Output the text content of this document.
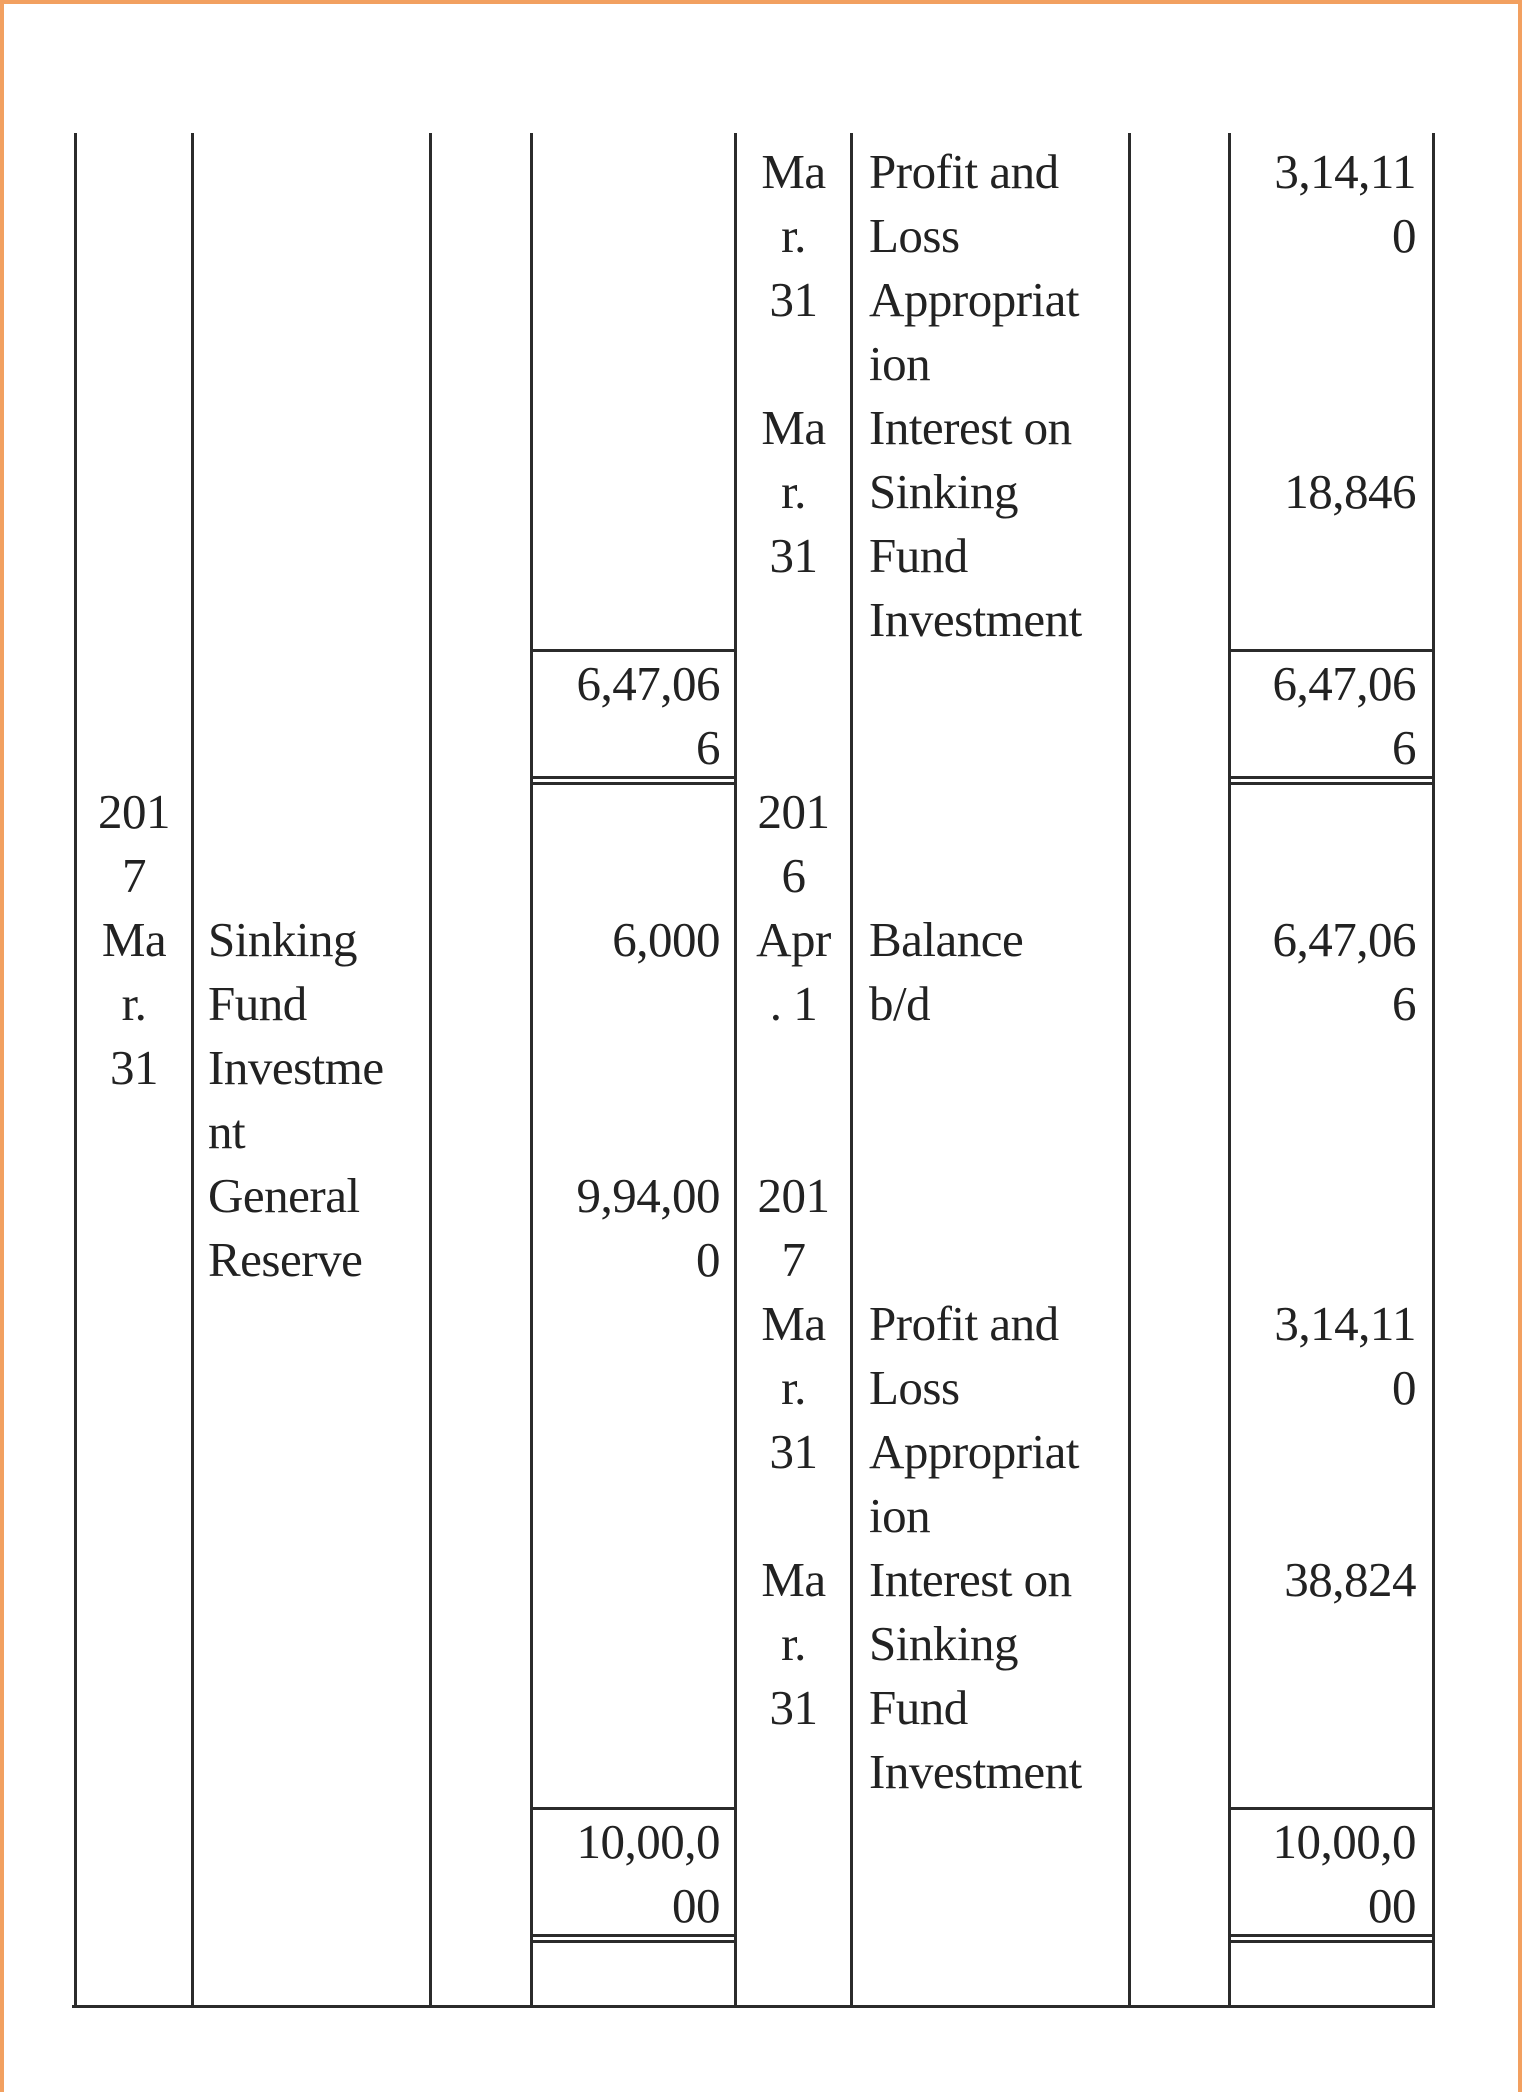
Ma
r.
31
Profit and
Loss
Appropriat
ion
3,14,11
0
Ma
r.
31
Interest on
Sinking
Fund
Investment
18,846
6,47,06
6
6,47,06
6
201
7
Ma
r.
31
Sinking
Fund
Investme
nt
6,000
General
Reserve
9,94,00
0
201
6
Apr
. 1
Balance
b/d
6,47,06
6
201
7
Ma
r.
31
Profit and
Loss
Appropriat
ion
3,14,11
0
Ma
r.
31
Interest on
Sinking
Fund
Investment
38,824
10,00,0
00
10,00,0
00
